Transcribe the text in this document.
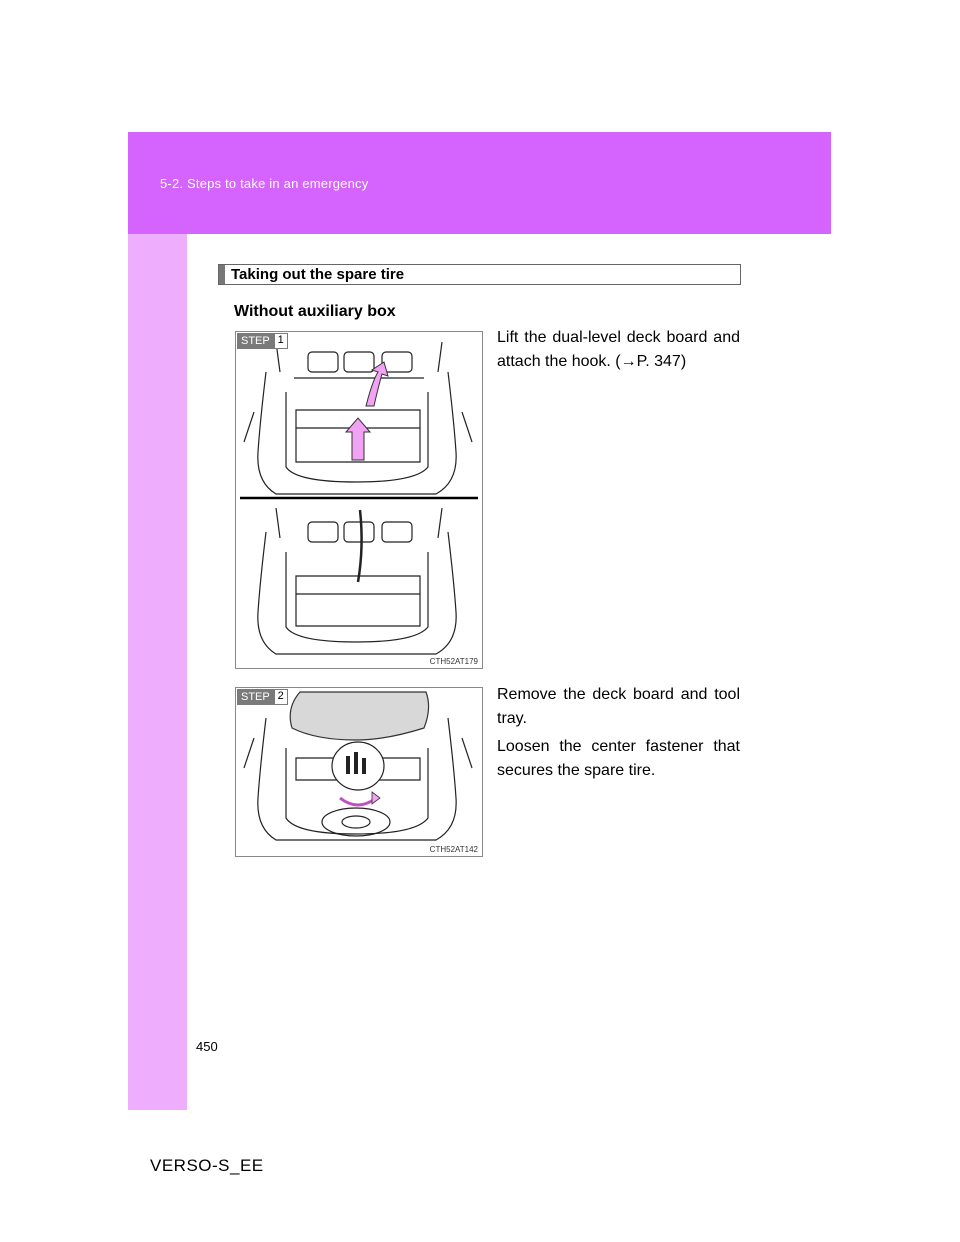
5-2. Steps to take in an emergency
Taking out the spare tire
Without auxiliary box
STEP 1
CTH52AT179
Lift the dual-level deck board and attach the hook. (→P. 347)
STEP 2
CTH52AT142
Remove the deck board and tool tray.
Loosen the center fastener that secures the spare tire.
450
VERSO-S_EE
